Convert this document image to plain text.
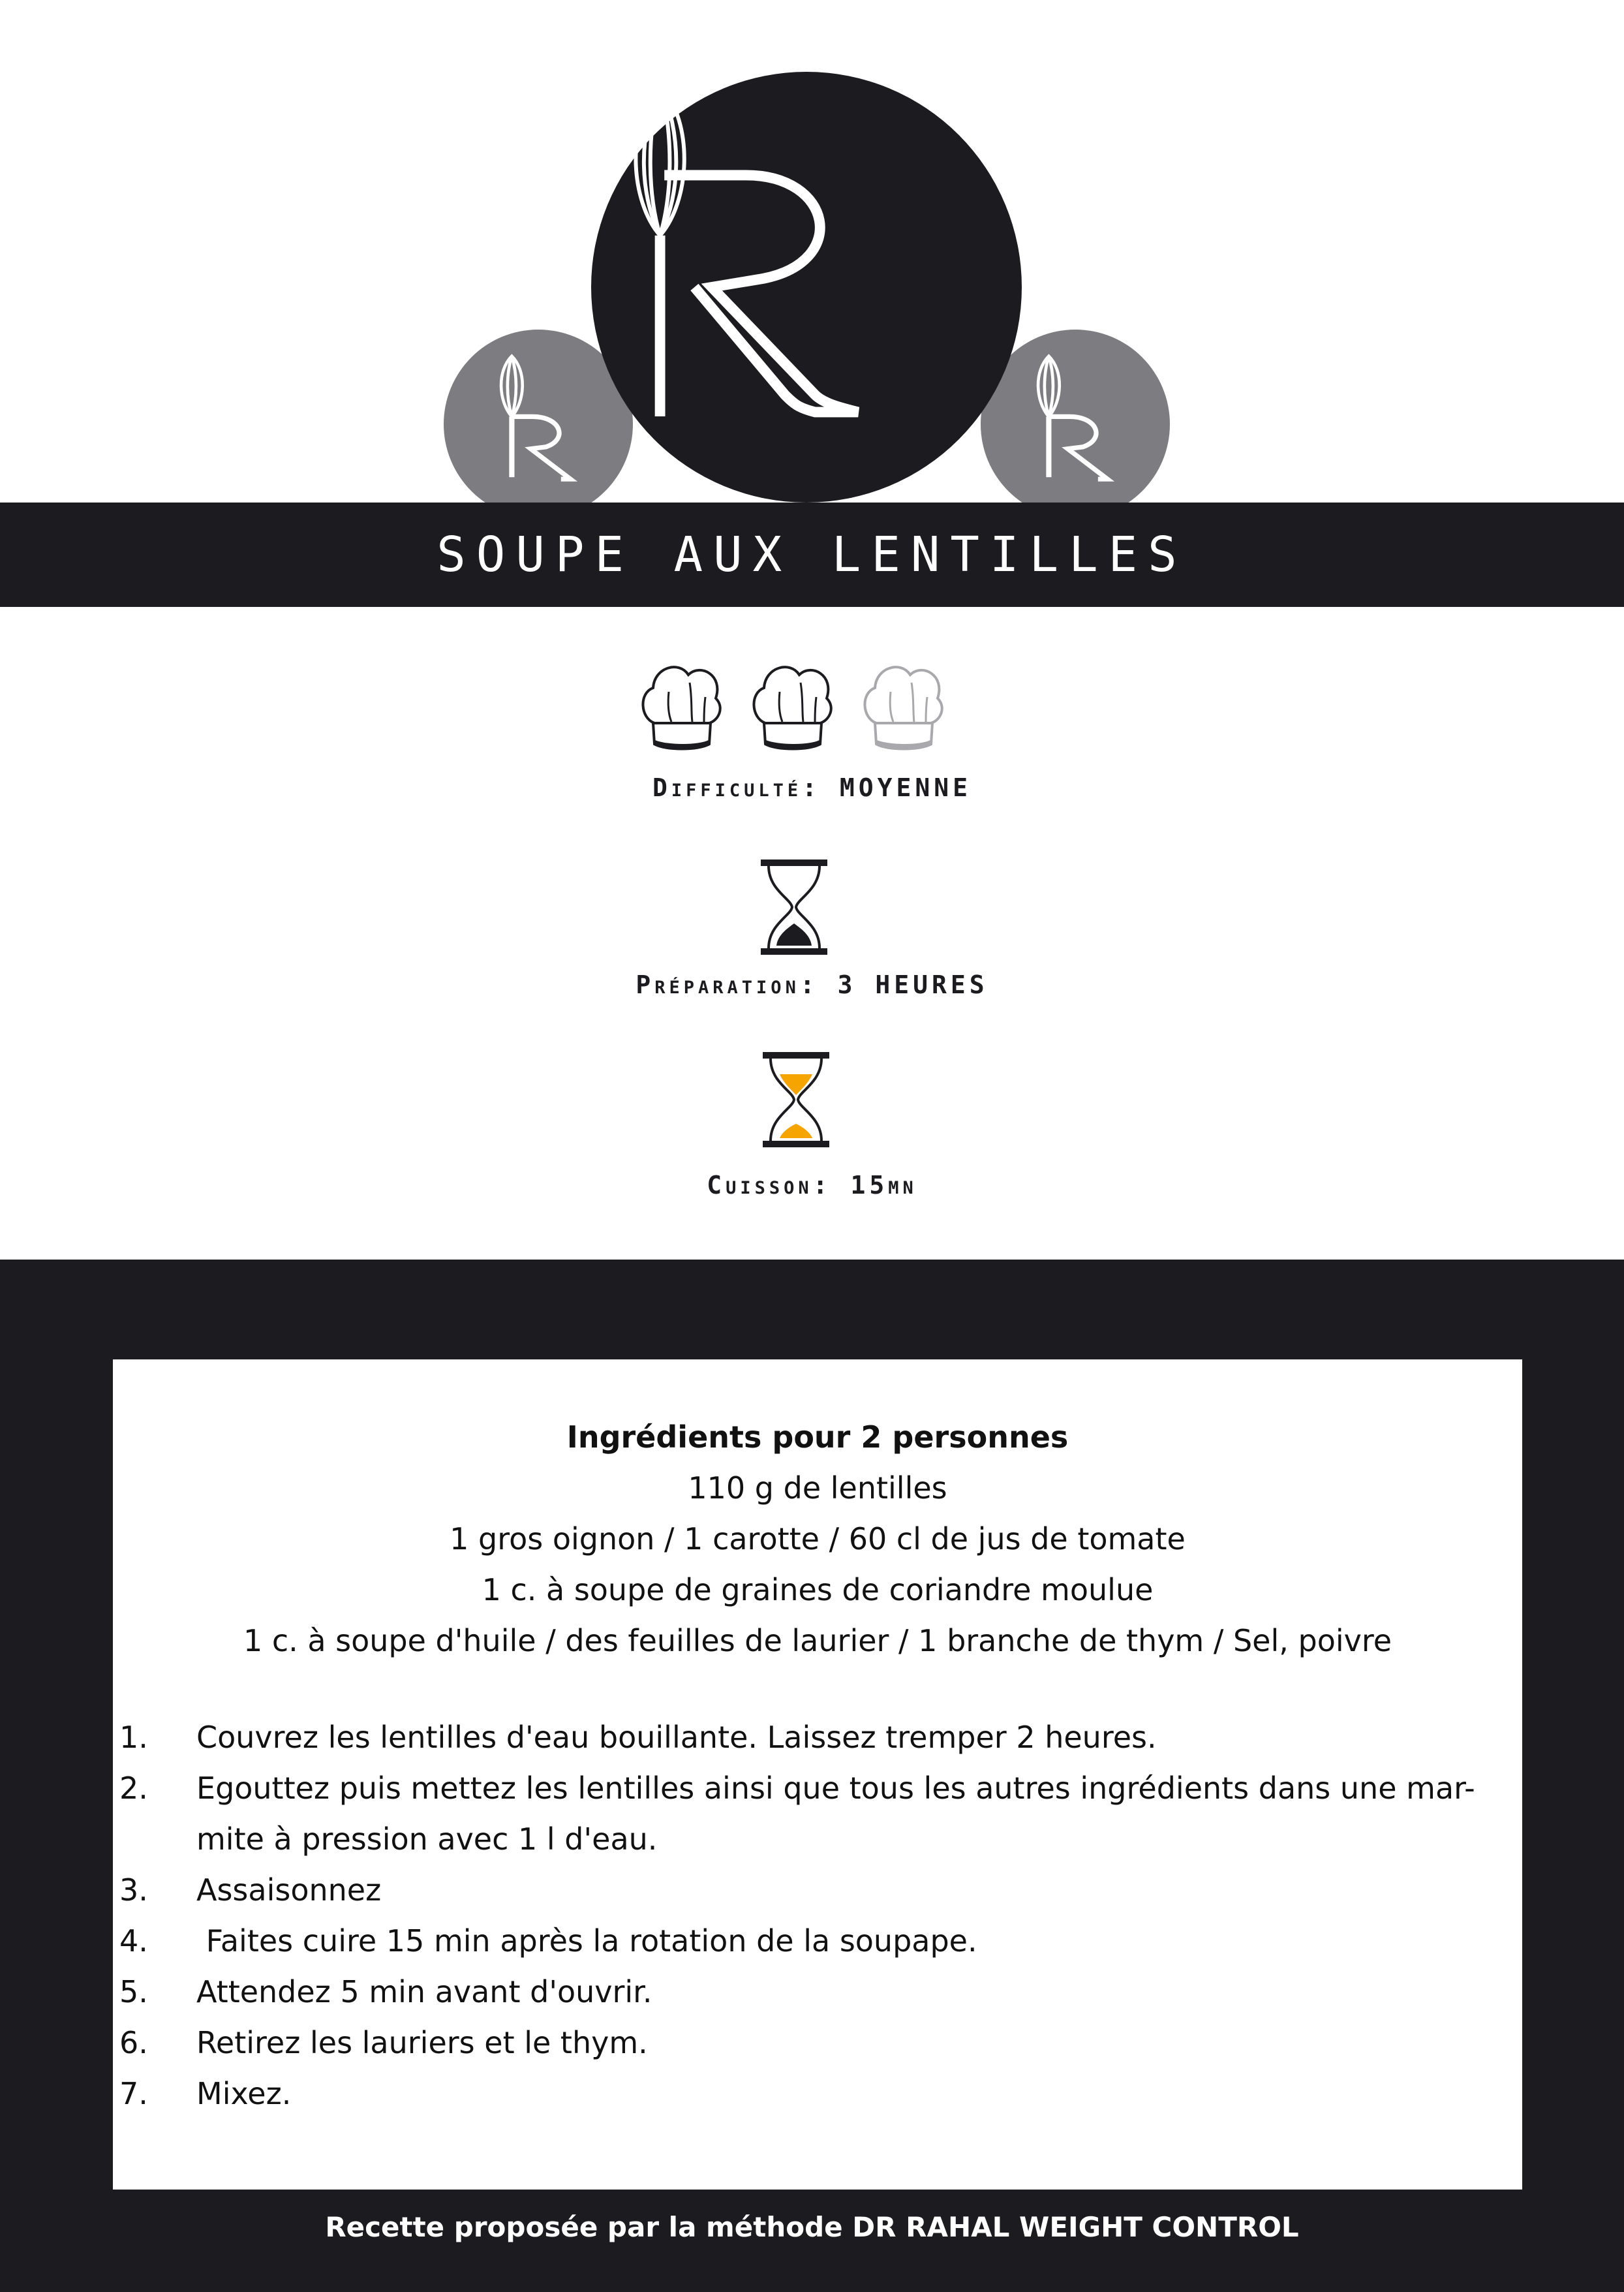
SOUPE AUX LENTILLES
Difficulté: MOYENNE
Préparation: 3 HEURES
Cuisson: 15mn
Ingrédients pour 2 personnes
110 g de lentilles
1 gros oignon / 1 carotte / 60 cl de jus de tomate
1 c. à soupe de graines de coriandre moulue
1 c. à soupe d'huile / des feuilles de laurier / 1 branche de thym / Sel, poivre
1.	Couvrez les lentilles d'eau bouillante. Laissez tremper 2 heures.
2.	Egouttez puis mettez les lentilles ainsi que tous les autres ingrédients dans une mar-mite à pression avec 1 l d'eau.
3.	Assaisonnez
4.	Faites cuire 15 min après la rotation de la soupape.
5.	Attendez 5 min avant d'ouvrir.
6.	Retirez les lauriers et le thym.
7.	Mixez.
Recette proposée par la méthode DR RAHAL WEIGHT CONTROL
